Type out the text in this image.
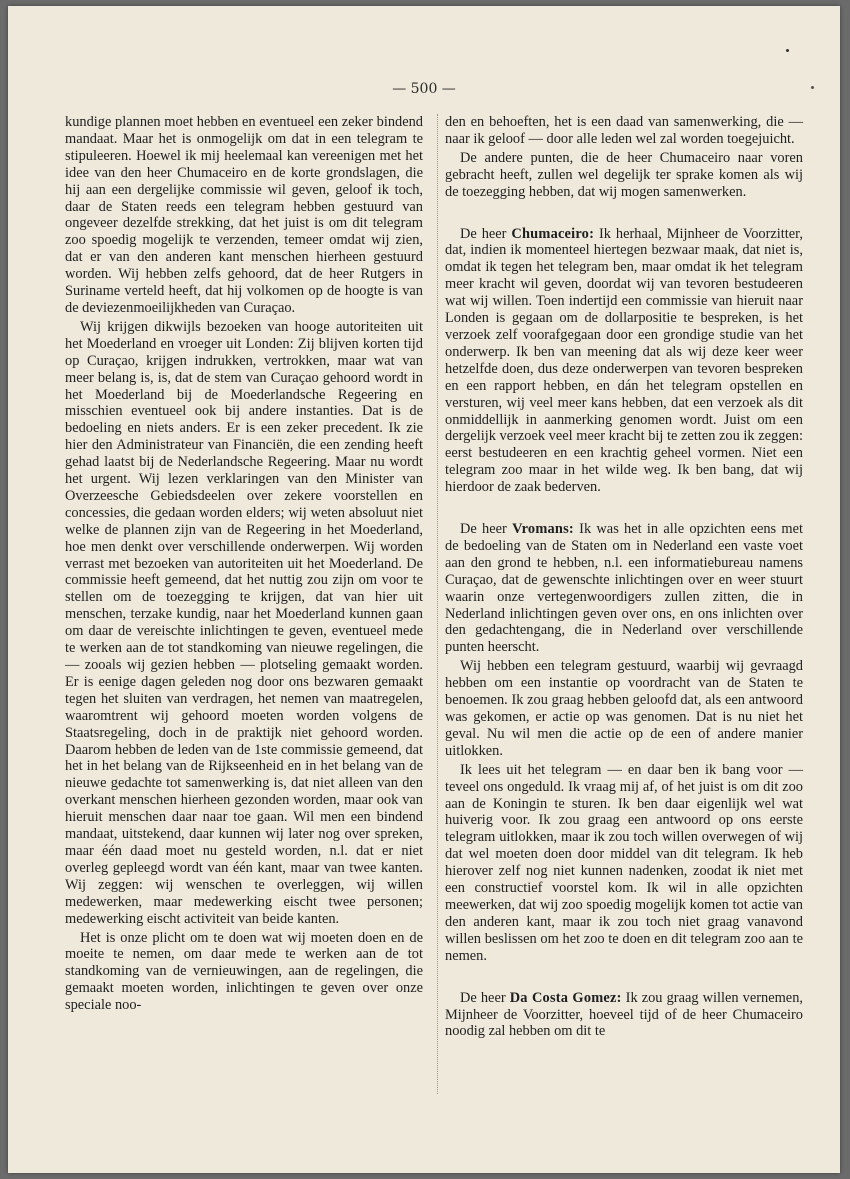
— 500 —

kundige plannen moet hebben en eventueel een zeker bindend mandaat. Maar het is onmogelijk om dat in een telegram te stipuleeren. Hoewel ik mij heelemaal kan vereenigen met het idee van den heer Chumaceiro en de korte grondslagen, die hij aan een dergelijke commissie wil geven, geloof ik toch, daar de Staten reeds een telegram hebben gestuurd van ongeveer dezelfde strekking, dat het juist is om dit telegram zoo spoedig mogelijk te verzenden, temeer omdat wij zien, dat er van den anderen kant menschen hierheen gestuurd worden. Wij hebben zelfs gehoord, dat de heer Rutgers in Suriname verteld heeft, dat hij volkomen op de hoogte is van de deviezenmoeilijkheden van Curaçao.

Wij krijgen dikwijls bezoeken van hooge autoriteiten uit het Moederland en vroeger uit Londen: Zij blijven korten tijd op Curaçao, krijgen indrukken, vertrokken, maar wat van meer belang is, is, dat de stem van Curaçao gehoord wordt in het Moederland bij de Moederlandsche Regeering en misschien eventueel ook bij andere instanties. Dat is de bedoeling en niets anders. Er is een zeker precedent. Ik zie hier den Administrateur van Financiën, die een zending heeft gehad laatst bij de Nederlandsche Regeering. Maar nu wordt het urgent. Wij lezen verklaringen van den Minister van Overzeesche Gebiedsdeelen over zekere voorstellen en concessies, die gedaan worden elders; wij weten absoluut niet welke de plannen zijn van de Regeering in het Moederland, hoe men denkt over verschillende onderwerpen. Wij worden verrast met bezoeken van autoriteiten uit het Moederland. De commissie heeft gemeend, dat het nuttig zou zijn om voor te stellen om de toezegging te krijgen, dat van hier uit menschen, terzake kundig, naar het Moederland kunnen gaan om daar de vereischte inlichtingen te geven, eventueel mede te werken aan de tot standkoming van nieuwe regelingen, die — zooals wij gezien hebben — plotseling gemaakt worden. Er is eenige dagen geleden nog door ons bezwaren gemaakt tegen het sluiten van verdragen, het nemen van maatregelen, waaromtrent wij gehoord moeten worden volgens de Staatsregeling, doch in de praktijk niet gehoord worden. Daarom hebben de leden van de 1ste commissie gemeend, dat het in het belang van de Rijkseenheid en in het belang van de nieuwe gedachte tot samenwerking is, dat niet alleen van den overkant menschen hierheen gezonden worden, maar ook van hieruit menschen daar naar toe gaan. Wil men een bindend mandaat, uitstekend, daar kunnen wij later nog over spreken, maar één daad moet nu gesteld worden, n.l. dat er niet overleg gepleegd wordt van één kant, maar van twee kanten. Wij zeggen: wij wenschen te overleggen, wij willen medewerken, maar medewerking eischt twee personen; medewerking eischt activiteit van beide kanten.

Het is onze plicht om te doen wat wij moeten doen en de moeite te nemen, om daar mede te werken aan de tot standkoming van de vernieuwingen, aan de regelingen, die gemaakt moeten worden, inlichtingen te geven over onze speciale noo-

den en behoeften, het is een daad van samenwerking, die — naar ik geloof — door alle leden wel zal worden toegejuicht.

De andere punten, die de heer Chumaceiro naar voren gebracht heeft, zullen wel degelijk ter sprake komen als wij de toezegging hebben, dat wij mogen samenwerken.

De heer Chumaceiro: Ik herhaal, Mijnheer de Voorzitter, dat, indien ik momenteel hiertegen bezwaar maak, dat niet is, omdat ik tegen het telegram ben, maar omdat ik het telegram meer kracht wil geven, doordat wij van tevoren bestudeeren wat wij willen. Toen indertijd een commissie van hieruit naar Londen is gegaan om de dollarpositie te bespreken, is het verzoek zelf voorafgegaan door een grondige studie van het onderwerp. Ik ben van meening dat als wij deze keer weer hetzelfde doen, dus deze onderwerpen van tevoren bespreken en een rapport hebben, en dán het telegram opstellen en versturen, wij veel meer kans hebben, dat een verzoek als dit onmiddellijk in aanmerking genomen wordt. Juist om een dergelijk verzoek veel meer kracht bij te zetten zou ik zeggen: eerst bestudeeren en een krachtig geheel vormen. Niet een telegram zoo maar in het wilde weg. Ik ben bang, dat wij hierdoor de zaak bederven.

De heer Vromans: Ik was het in alle opzichten eens met de bedoeling van de Staten om in Nederland een vaste voet aan den grond te hebben, n.l. een informatiebureau namens Curaçao, dat de gewenschte inlichtingen over en weer stuurt waarin onze vertegenwoordigers zullen zitten, die in Nederland inlichtingen geven over ons, en ons inlichten over den gedachtengang, die in Nederland over verschillende punten heerscht.

Wij hebben een telegram gestuurd, waarbij wij gevraagd hebben om een instantie op voordracht van de Staten te benoemen. Ik zou graag hebben geloofd dat, als een antwoord was gekomen, er actie op was genomen. Dat is nu niet het geval. Nu wil men die actie op de een of andere manier uitlokken.

Ik lees uit het telegram — en daar ben ik bang voor — teveel ons ongeduld. Ik vraag mij af, of het juist is om dit zoo aan de Koningin te sturen. Ik ben daar eigenlijk wel wat huiverig voor. Ik zou graag een antwoord op ons eerste telegram uitlokken, maar ik zou toch willen overwegen of wij dat wel moeten doen door middel van dit telegram. Ik heb hierover zelf nog niet kunnen nadenken, zoodat ik niet met een constructief voorstel kom. Ik wil in alle opzichten meewerken, dat wij zoo spoedig mogelijk komen tot actie van den anderen kant, maar ik zou toch niet graag vanavond willen beslissen om het zoo te doen en dit telegram zoo aan te nemen.

De heer Da Costa Gomez: Ik zou graag willen vernemen, Mijnheer de Voorzitter, hoeveel tijd of de heer Chumaceiro noodig zal hebben om dit te
